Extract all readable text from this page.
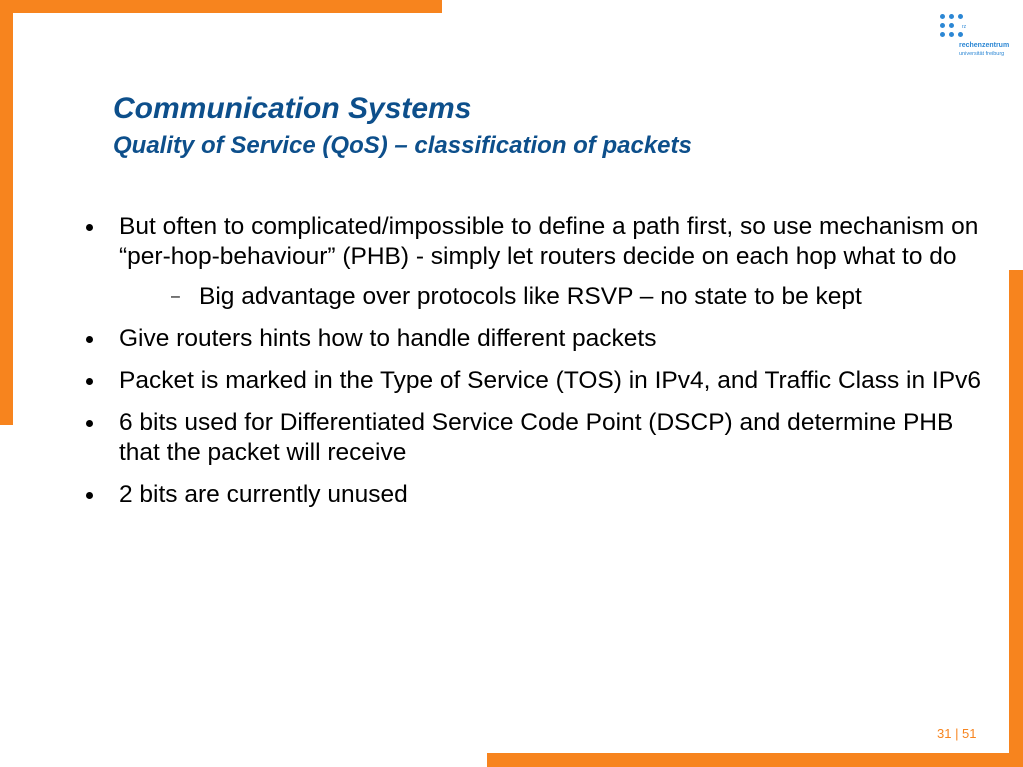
rz
rechenzentrum
universität freiburg
Communication Systems
Quality of Service (QoS) – classification of packets
But often to complicated/impossible to define a path first, so use mechanism on “per-hop-behaviour” (PHB) - simply let routers decide on each hop what to do
– Big advantage over protocols like RSVP – no state to be kept
Give routers hints how to handle different packets
Packet is marked in the Type of Service (TOS) in IPv4, and Traffic Class in IPv6
6 bits used for Differentiated Service Code Point (DSCP) and determine PHB that the packet will receive
2 bits are currently unused
31 | 51
